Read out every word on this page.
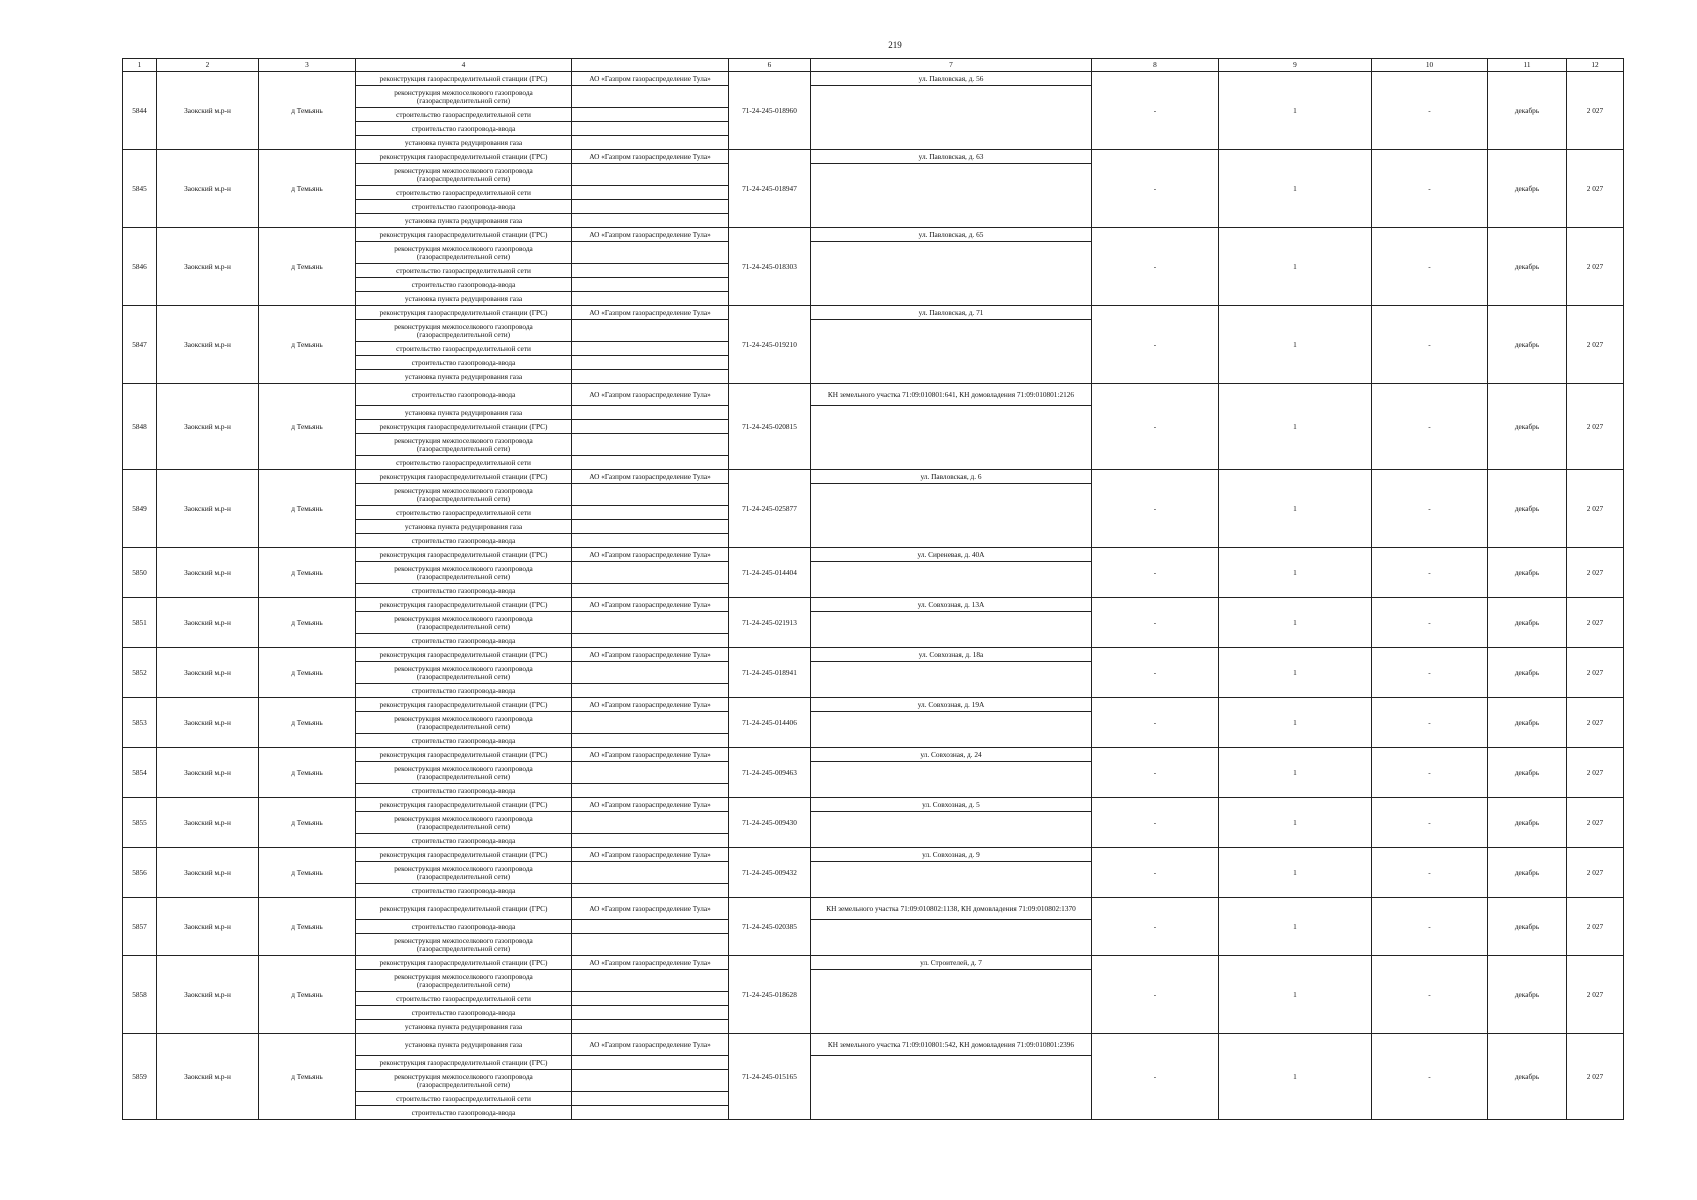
219
1	2	3	4		6	7	8	9	10	11	12
5844	Заокский м.р-н	д Темьянь	реконструкция газораспределительной станции (ГРС)	АО «Газпром газораспределение Тула»	71-24-245-018960	ул. Павловская, д. 56	-	1	-	декабрь	2 027
			реконструкция межпоселкового газопровода (газораспределительной сети)								
			строительство газораспределительной сети								
			строительство газопровода-ввода								
			установка пункта редуцирования газа								
5845	Заокский м.р-н	д Темьянь	реконструкция газораспределительной станции (ГРС)	АО «Газпром газораспределение Тула»	71-24-245-018947	ул. Павловская, д. 63	-	1	-	декабрь	2 027
			реконструкция межпоселкового газопровода (газораспределительной сети)								
			строительство газораспределительной сети								
			строительство газопровода-ввода								
			установка пункта редуцирования газа								
5846	Заокский м.р-н	д Темьянь	реконструкция газораспределительной станции (ГРС)	АО «Газпром газораспределение Тула»	71-24-245-018303	ул. Павловская, д. 65	-	1	-	декабрь	2 027
			реконструкция межпоселкового газопровода (газораспределительной сети)								
			строительство газораспределительной сети								
			строительство газопровода-ввода								
			установка пункта редуцирования газа								
5847	Заокский м.р-н	д Темьянь	реконструкция газораспределительной станции (ГРС)	АО «Газпром газораспределение Тула»	71-24-245-019210	ул. Павловская, д. 71	-	1	-	декабрь	2 027
			реконструкция межпоселкового газопровода (газораспределительной сети)								
			строительство газораспределительной сети								
			строительство газопровода-ввода								
			установка пункта редуцирования газа								
5848	Заокский м.р-н	д Темьянь	строительство газопровода-ввода	АО «Газпром газораспределение Тула»	71-24-245-020815	КН земельного участка 71:09:010801:641, КН домовладения 71:09:010801:2126	-	1	-	декабрь	2 027
			установка пункта редуцирования газа								
			реконструкция газораспределительной станции (ГРС)								
			реконструкция межпоселкового газопровода (газораспределительной сети)								
			строительство газораспределительной сети								
5849	Заокский м.р-н	д Темьянь	реконструкция газораспределительной станции (ГРС)	АО «Газпром газораспределение Тула»	71-24-245-025877	ул. Павловская, д. 6	-	1	-	декабрь	2 027
			реконструкция межпоселкового газопровода (газораспределительной сети)								
			строительство газораспределительной сети								
			установка пункта редуцирования газа								
			строительство газопровода-ввода								
5850	Заокский м.р-н	д Темьянь	реконструкция газораспределительной станции (ГРС)	АО «Газпром газораспределение Тула»	71-24-245-014404	ул. Сиреневая, д. 40А	-	1	-	декабрь	2 027
			реконструкция межпоселкового газопровода (газораспределительной сети)								
			строительство газопровода-ввода								
5851	Заокский м.р-н	д Темьянь	реконструкция газораспределительной станции (ГРС)	АО «Газпром газораспределение Тула»	71-24-245-021913	ул. Совхозная, д. 13А	-	1	-	декабрь	2 027
			реконструкция межпоселкового газопровода (газораспределительной сети)								
			строительство газопровода-ввода								
5852	Заокский м.р-н	д Темьянь	реконструкция газораспределительной станции (ГРС)	АО «Газпром газораспределение Тула»	71-24-245-018941	ул. Совхозная, д. 18а	-	1	-	декабрь	2 027
			реконструкция межпоселкового газопровода (газораспределительной сети)								
			строительство газопровода-ввода								
5853	Заокский м.р-н	д Темьянь	реконструкция газораспределительной станции (ГРС)	АО «Газпром газораспределение Тула»	71-24-245-014406	ул. Совхозная, д. 19А	-	1	-	декабрь	2 027
			реконструкция межпоселкового газопровода (газораспределительной сети)								
			строительство газопровода-ввода								
5854	Заокский м.р-н	д Темьянь	реконструкция газораспределительной станции (ГРС)	АО «Газпром газораспределение Тула»	71-24-245-009463	ул. Совхозная, д. 24	-	1	-	декабрь	2 027
			реконструкция межпоселкового газопровода (газораспределительной сети)								
			строительство газопровода-ввода								
5855	Заокский м.р-н	д Темьянь	реконструкция газораспределительной станции (ГРС)	АО «Газпром газораспределение Тула»	71-24-245-009430	ул. Совхозная, д. 5	-	1	-	декабрь	2 027
			реконструкция межпоселкового газопровода (газораспределительной сети)								
			строительство газопровода-ввода								
5856	Заокский м.р-н	д Темьянь	реконструкция газораспределительной станции (ГРС)	АО «Газпром газораспределение Тула»	71-24-245-009432	ул. Совхозная, д. 9	-	1	-	декабрь	2 027
			реконструкция межпоселкового газопровода (газораспределительной сети)								
			строительство газопровода-ввода								
5857	Заокский м.р-н	д Темьянь	реконструкция газораспределительной станции (ГРС)	АО «Газпром газораспределение Тула»	71-24-245-020385	КН земельного участка 71:09:010802:1138, КН домовладения 71:09:010802:1370	-	1	-	декабрь	2 027
			строительство газопровода-ввода								
			реконструкция межпоселкового газопровода (газораспределительной сети)								
5858	Заокский м.р-н	д Темьянь	реконструкция газораспределительной станции (ГРС)	АО «Газпром газораспределение Тула»	71-24-245-018628	ул. Строителей, д. 7	-	1	-	декабрь	2 027
			реконструкция межпоселкового газопровода (газораспределительной сети)								
			строительство газораспределительной сети								
			строительство газопровода-ввода								
			установка пункта редуцирования газа								
5859	Заокский м.р-н	д Темьянь	установка пункта редуцирования газа	АО «Газпром газораспределение Тула»	71-24-245-015165	КН земельного участка 71:09:010801:542, КН домовладения 71:09:010801:2396	-	1	-	декабрь	2 027
			реконструкция газораспределительной станции (ГРС)								
			реконструкция межпоселкового газопровода (газораспределительной сети)								
			строительство газораспределительной сети								
			строительство газопровода-ввода								
